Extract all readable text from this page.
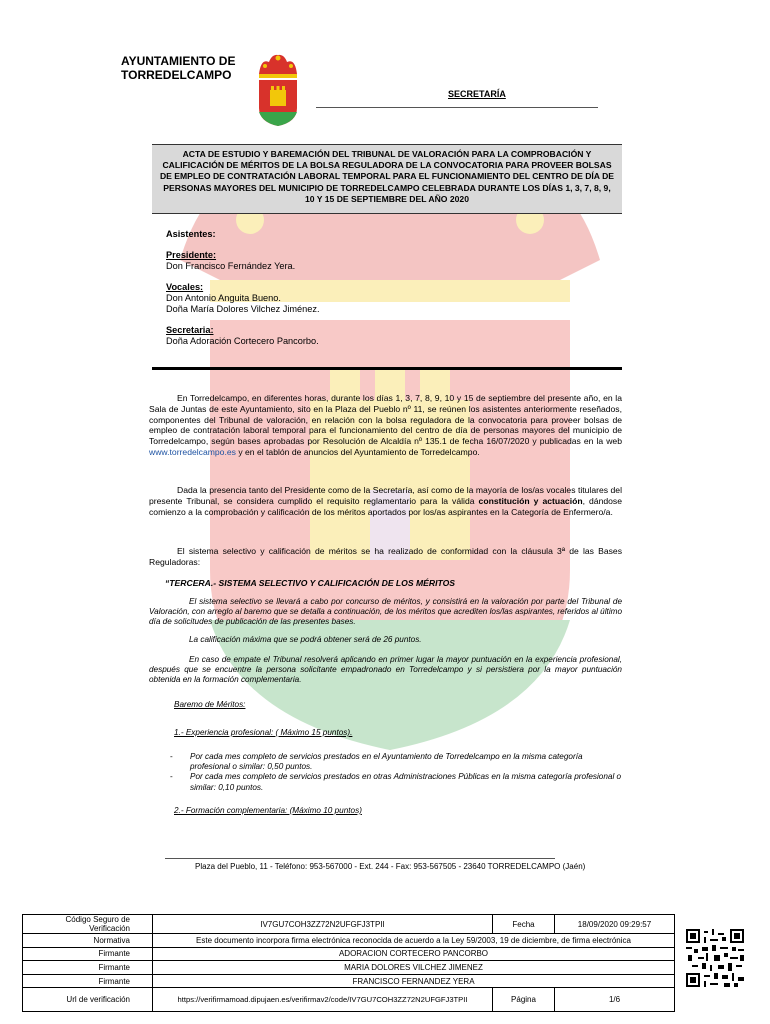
AYUNTAMIENTO DE
TORREDELCAMPO
SECRETARÍA
ACTA DE ESTUDIO Y BAREMACIÓN DEL TRIBUNAL DE VALORACIÓN PARA LA COMPROBACIÓN Y CALIFICACIÓN DE MÉRITOS DE LA BOLSA REGULADORA DE LA CONVOCATORIA PARA PROVEER BOLSAS DE EMPLEO DE CONTRATACIÓN LABORAL TEMPORAL PARA EL FUNCIONAMIENTO DEL CENTRO DE DÍA DE PERSONAS MAYORES DEL MUNICIPIO DE TORREDELCAMPO CELEBRADA DURANTE LOS DÍAS 1, 3, 7, 8, 9, 10 Y 15 DE SEPTIEMBRE DEL AÑO 2020
Asistentes:
Presidente:
Don Francisco Fernández Yera.
Vocales:
Don Antonio Anguita Bueno.
Doña María Dolores Vilchez Jiménez.
Secretaria:
Doña Adoración Cortecero Pancorbo.
En Torredelcampo, en diferentes horas, durante los días 1, 3, 7, 8, 9, 10 y 15 de septiembre del presente año, en la Sala de Juntas de este Ayuntamiento, sito en la Plaza del Pueblo nº 11, se reúnen los asistentes anteriormente reseñados, componentes del Tribunal de valoración, en relación con la bolsa reguladora de la convocatoria para proveer bolsas de empleo de contratación laboral temporal para el funcionamiento del centro de día de personas mayores del municipio de Torredelcampo, según bases aprobadas por Resolución de Alcaldía nº 135.1 de fecha 16/07/2020 y publicadas en la web www.torredelcampo.es y en el tablón de anuncios del Ayuntamiento de Torredelcampo.
Dada la presencia tanto del Presidente como de la Secretaría, así como de la mayoría de los/as vocales titulares del presente Tribunal, se considera cumplido el requisito reglamentario para la válida constitución y actuación, dándose comienzo a la comprobación y calificación de los méritos aportados por los/as aspirantes en la Categoría de Enfermero/a.
El sistema selectivo y calificación de méritos se ha realizado de conformidad con la cláusula 3ª de las Bases Reguladoras:
“TERCERA.- SISTEMA SELECTIVO Y CALIFICACIÓN DE LOS MÉRITOS
El sistema selectivo se llevará a cabo por concurso de méritos, y consistirá en la valoración por parte del Tribunal de Valoración, con arreglo al baremo que se detalla a continuación, de los méritos que acrediten los/las aspirantes, referidos al último día de solicitudes de publicación de las presentes bases.
La calificación máxima que se podrá obtener será de 26 puntos.
En caso de empate el Tribunal resolverá aplicando en primer lugar la mayor puntuación en la experiencia profesional, después que se encuentre la persona solicitante empadronado en Torredelcampo y si persistiera por la mayor puntuación obtenida en la formación complementaria.
Baremo de Méritos:
1.- Experiencia profesional: ( Máximo 15 puntos).
-	Por cada mes completo de servicios prestados en el Ayuntamiento de Torredelcampo en la misma categoría profesional o similar: 0,50 puntos.
-	Por cada mes completo de servicios prestados en otras Administraciones Públicas en la misma categoría profesional o similar: 0,10 puntos.
2.- Formación complementaria: (Máximo 10 puntos)
Plaza del Pueblo, 11 - Teléfono: 953-567000 - Ext. 244 - Fax: 953-567505 - 23640 TORREDELCAMPO (Jaén)
Código Seguro de Verificación	IV7GU7COH3ZZ72N2UFGFJ3TPII	Fecha	18/09/2020 09:29:57
Normativa	Este documento incorpora firma electrónica reconocida de acuerdo a la Ley 59/2003, 19 de diciembre, de firma electrónica		
Firmante	ADORACION CORTECERO PANCORBO		
Firmante	MARIA DOLORES VILCHEZ JIMENEZ		
Firmante	FRANCISCO FERNANDEZ YERA		
Url de verificación	https://verifirmamoad.dipujaen.es/verifirmav2/code/IV7GU7COH3ZZ72N2UFGFJ3TPII	Página	1/6
